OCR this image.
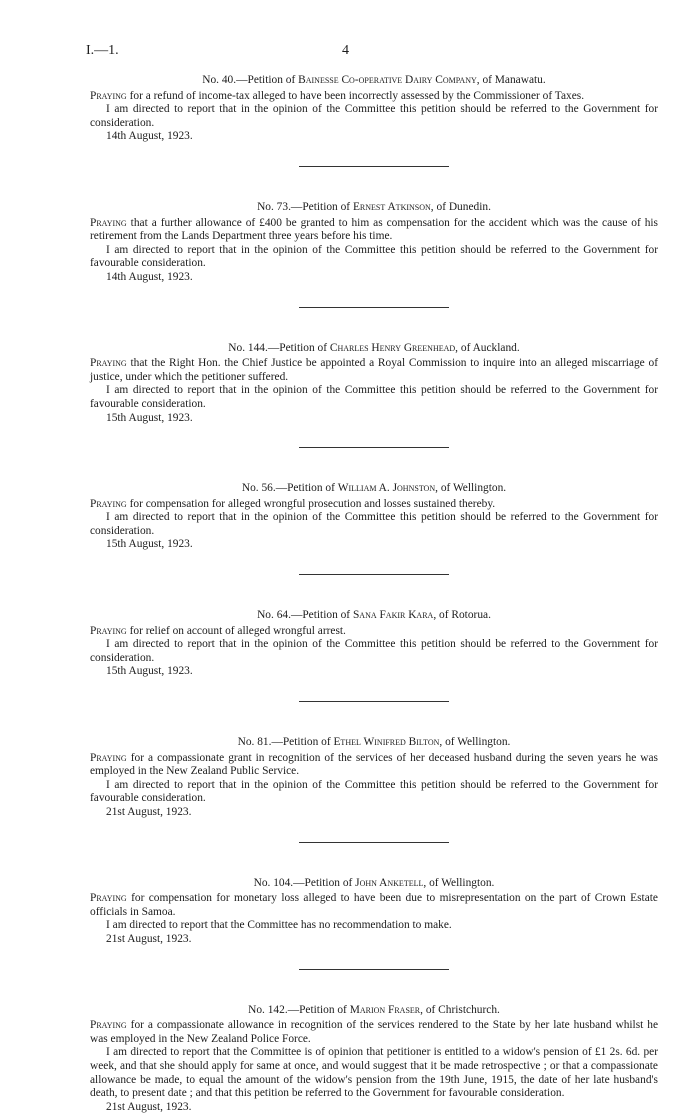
I.—1.	4
No. 40.—Petition of Bainesse Co-operative Dairy Company, of Manawatu.

Praying for a refund of income-tax alleged to have been incorrectly assessed by the Commissioner of Taxes.

I am directed to report that in the opinion of the Committee this petition should be referred to the Government for consideration.

14th August, 1923.

No. 73.—Petition of Ernest Atkinson, of Dunedin.

Praying that a further allowance of £400 be granted to him as compensation for the accident which was the cause of his retirement from the Lands Department three years before his time.

I am directed to report that in the opinion of the Committee this petition should be referred to the Government for favourable consideration.

14th August, 1923.

No. 144.—Petition of Charles Henry Greenhead, of Auckland.

Praying that the Right Hon. the Chief Justice be appointed a Royal Commission to inquire into an alleged miscarriage of justice, under which the petitioner suffered.

I am directed to report that in the opinion of the Committee this petition should be referred to the Government for favourable consideration.

15th August, 1923.

No. 56.—Petition of William A. Johnston, of Wellington.

Praying for compensation for alleged wrongful prosecution and losses sustained thereby.

I am directed to report that in the opinion of the Committee this petition should be referred to the Government for consideration.

15th August, 1923.

No. 64.—Petition of Sana Fakir Kara, of Rotorua.

Praying for relief on account of alleged wrongful arrest.

I am directed to report that in the opinion of the Committee this petition should be referred to the Government for consideration.

15th August, 1923.

No. 81.—Petition of Ethel Winifred Bilton, of Wellington.

Praying for a compassionate grant in recognition of the services of her deceased husband during the seven years he was employed in the New Zealand Public Service.

I am directed to report that in the opinion of the Committee this petition should be referred to the Government for favourable consideration.

21st August, 1923.

No. 104.—Petition of John Anketell, of Wellington.

Praying for compensation for monetary loss alleged to have been due to misrepresentation on the part of Crown Estate officials in Samoa.

I am directed to report that the Committee has no recommendation to make.

21st August, 1923.

No. 142.—Petition of Marion Fraser, of Christchurch.

Praying for a compassionate allowance in recognition of the services rendered to the State by her late husband whilst he was employed in the New Zealand Police Force.

I am directed to report that the Committee is of opinion that petitioner is entitled to a widow's pension of £1 2s. 6d. per week, and that she should apply for same at once, and would suggest that it be made retrospective ; or that a compassionate allowance be made, to equal the amount of the widow's pension from the 19th June, 1915, the date of her late husband's death, to present date ; and that this petition be referred to the Government for favourable consideration.

21st August, 1923.
